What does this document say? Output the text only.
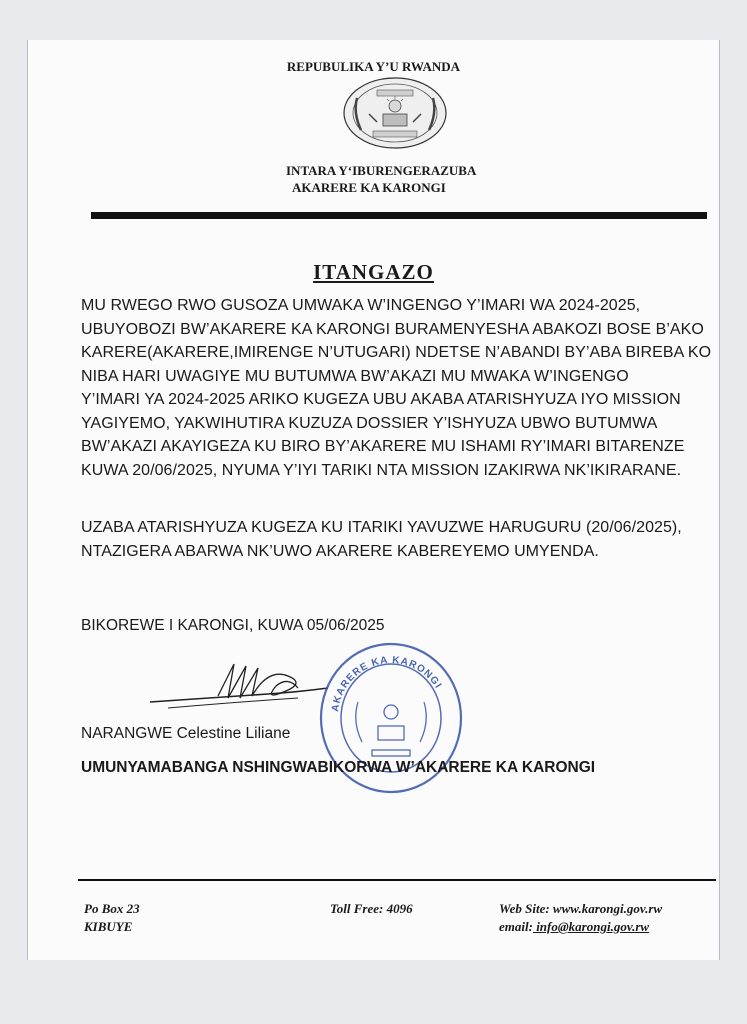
REPUBULIKA Y’U RWANDA
INTARA Y‘IBURENGERAZUBA
AKARERE KA KARONGI
ITANGAZO
MU RWEGO RWO GUSOZA UMWAKA W’INGENGO Y’IMARI WA 2024-2025,
UBUYOBOZI BW’AKARERE KA KARONGI BURAMENYESHA ABAKOZI BOSE B’AKO
KARERE(AKARERE,IMIRENGE N’UTUGARI) NDETSE N’ABANDI BY’ABA BIREBA KO
NIBA HARI UWAGIYE MU BUTUMWA BW’AKAZI MU MWAKA W’INGENGO
Y’IMARI YA 2024-2025 ARIKO KUGEZA UBU AKABA ATARISHYUZA IYO MISSION
YAGIYEMO, YAKWIHUTIRA KUZUZA DOSSIER Y’ISHYUZA UBWO BUTUMWA
BW’AKAZI AKAYIGEZA KU BIRO BY’AKARERE MU ISHAMI RY’IMARI BITARENZE
KUWA 20/06/2025, NYUMA Y’IYI TARIKI NTA MISSION IZAKIRWA NK’IKIRARANE.
UZABA ATARISHYUZA KUGEZA KU ITARIKI YAVUZWE HARUGURU (20/06/2025),
NTAZIGERA ABARWA NK’UWO AKARERE KABEREYEMO UMYENDA.
BIKOREWE I KARONGI, KUWA 05/06/2025
AKARERE KA KARONGI
NARANGWE Celestine Liliane
UMUNYAMABANGA NSHINGWABIKORWA W’AKARERE KA KARONGI
Po Box 23
KIBUYE
Toll Free: 4096	Web Site: www.karongi.gov.rw
email: info@karongi.gov.rw
